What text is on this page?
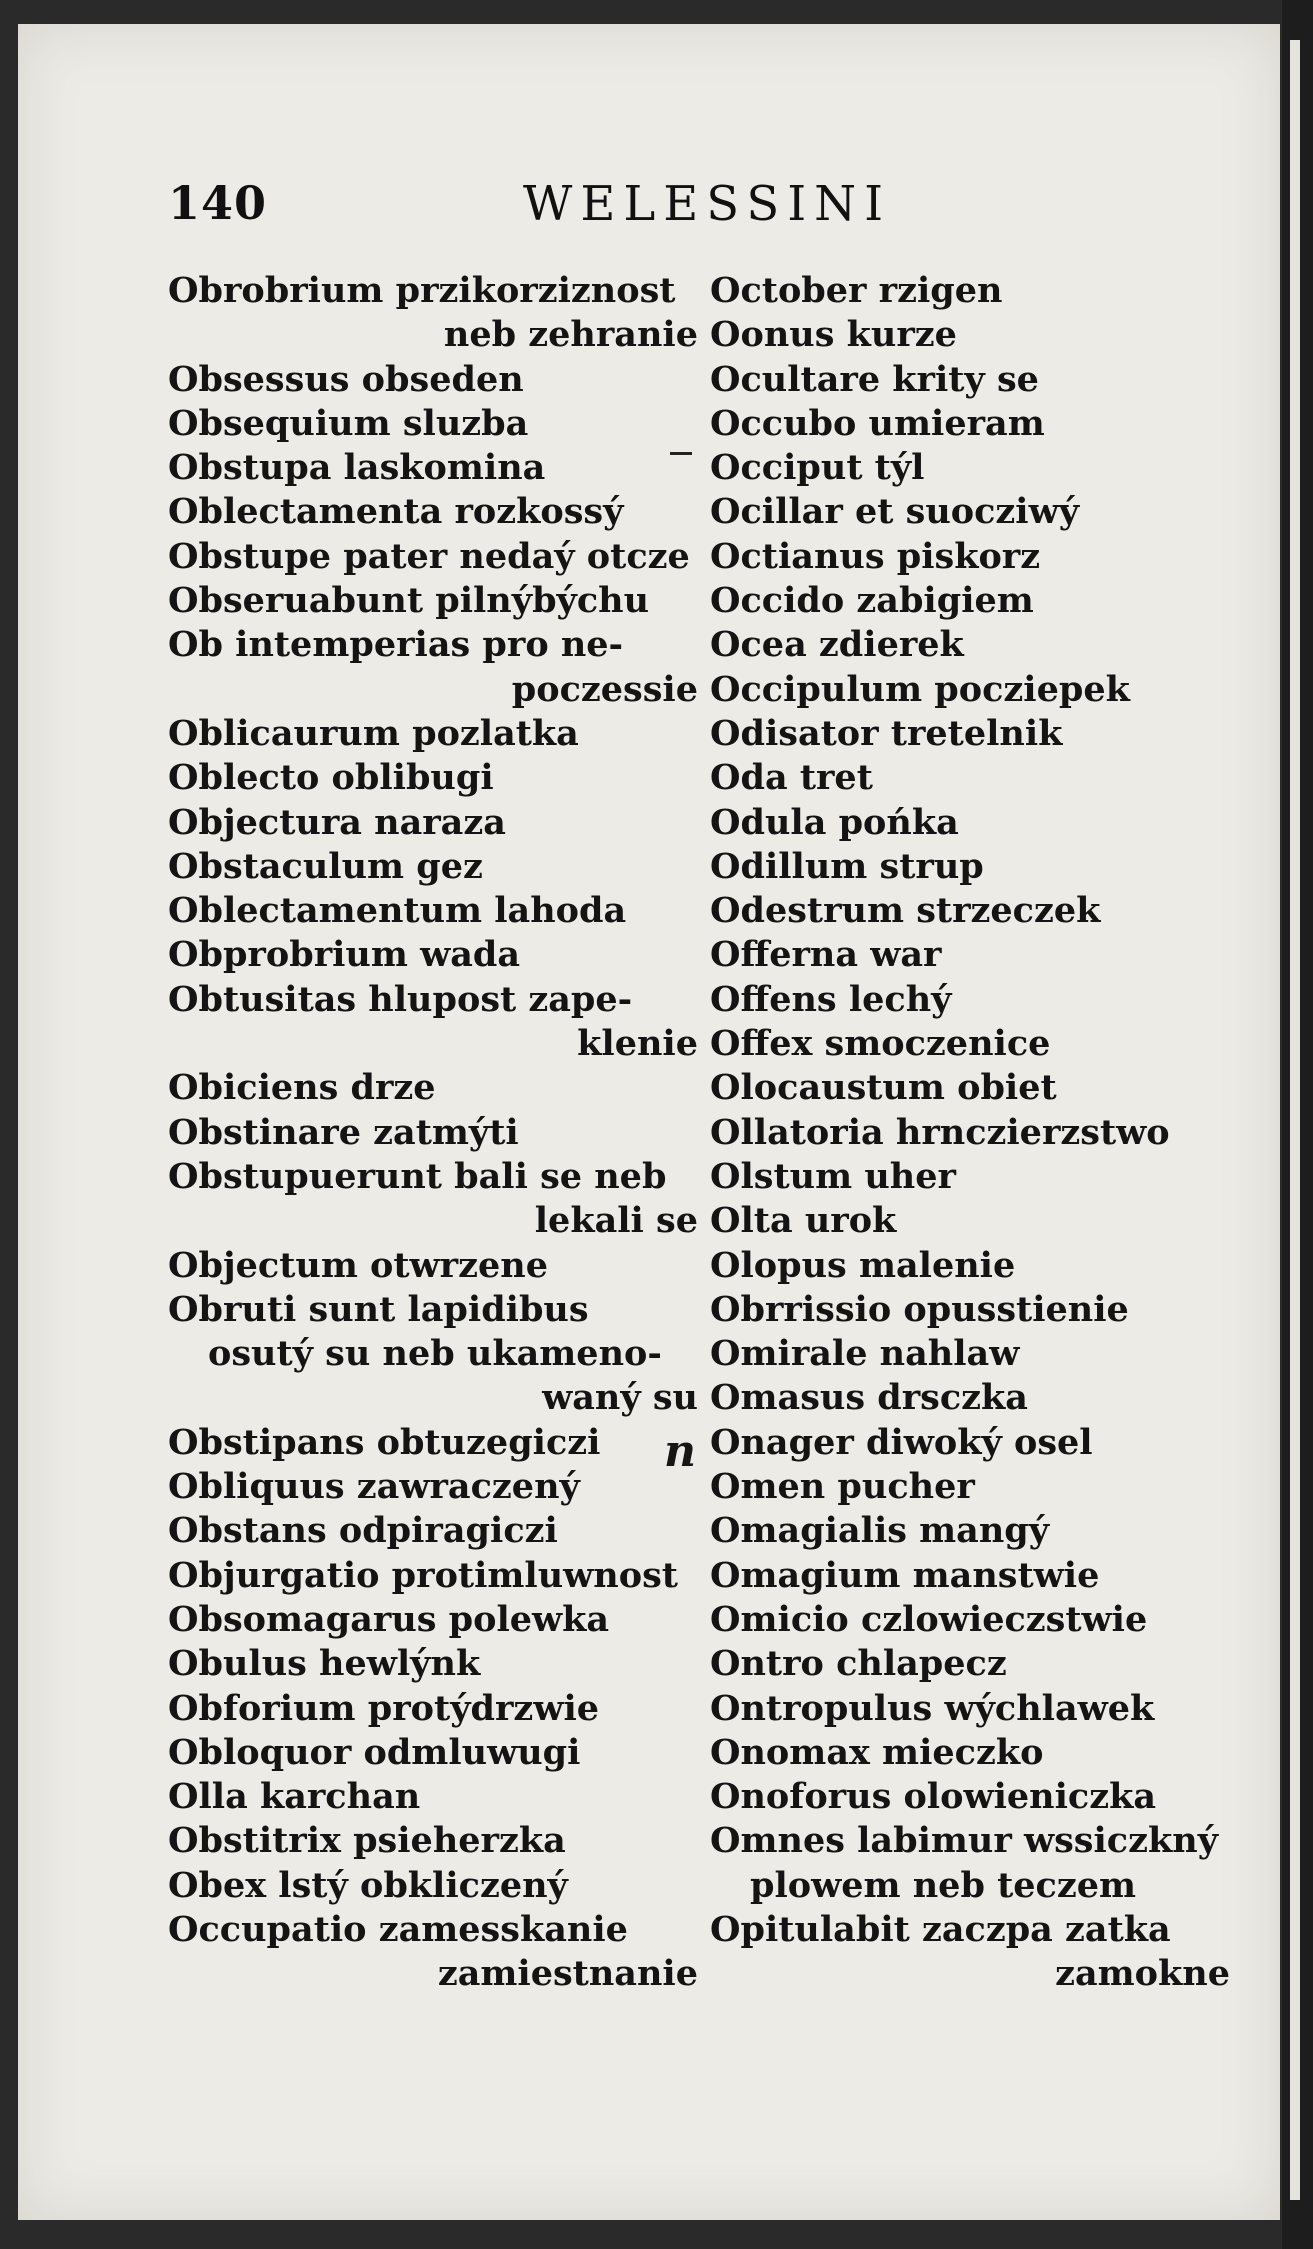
140	WELESSINI
Obrobrium przikorziznost
neb zehranie
Obsessus obseden
Obsequium sluzba
Obstupa laskomina
Oblectamenta rozkossý
Obstupe pater nedaý otcze
Obseruabunt pilnýbýchu
Ob intemperias pro ne-
poczessie
Oblicaurum pozlatka
Oblecto oblibugi
Objectura naraza
Obstaculum gez
Oblectamentum lahoda
Obprobrium wada
Obtusitas hlupost zape-
klenie
Obiciens drze
Obstinare zatmýti
Obstupuerunt bali se neb
lekali se
Objectum otwrzene
Obruti sunt lapidibus
osutý su neb ukameno-
waný su
Obstipans obtuzegiczi
Obliquus zawraczený
Obstans odpiragiczi
Objurgatio protimluwnost
Obsomagarus polewka
Obulus hewlýnk
Obforium protýdrzwie
Obloquor odmluwugi
Olla karchan
Obstitrix psieherzka
Obex lstý obkliczený
Occupatio zamesskanie
zamiestnanie
October rzigen
Oonus kurze
Ocultare krity se
Occubo umieram
Occiput týl
Ocillar et suocziwý
Octianus piskorz
Occido zabigiem
Ocea zdierek
Occipulum pocziepek
Odisator tretelnik
Oda tret
Odula pońka
Odillum strup
Odestrum strzeczek
Offerna war
Offens lechý
Offex smoczenice
Olocaustum obiet
Ollatoria hrnczierzstwo
Olstum uher
Olta urok
Olopus malenie
Obrrissio opusstienie
Omirale nahlaw
Omasus drsczka
Onager diwoký osel
Omen pucher
Omagialis mangý
Omagium manstwie
Omicio czlowieczstwie
Ontro chlapecz
Ontropulus wýchlawek
Onomax mieczko
Onoforus olowieniczka
Omnes labimur wssiczkný
plowem neb teczem
Opitulabit zaczpa zatka
zamokne
n
